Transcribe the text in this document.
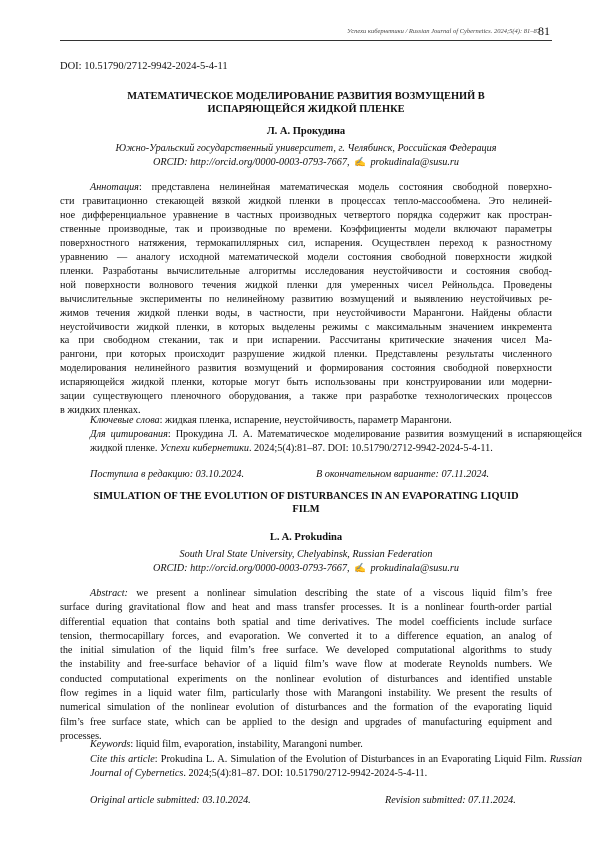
Успехи кибернетики / Russian Journal of Cybernetics. 2024;5(4): 81–87
81
DOI: 10.51790/2712-9942-2024-5-4-11
МАТЕМАТИЧЕСКОЕ МОДЕЛИРОВАНИЕ РАЗВИТИЯ ВОЗМУЩЕНИЙ В
ИСПАРЯЮЩЕЙСЯ ЖИДКОЙ ПЛЕНКЕ
Л. А. Прокудина
Южно-Уральский государственный университет, г. Челябинск, Российская Федерация
ORCID: http://orcid.org/0000-0003-0793-7667, ✍ prokudinala@susu.ru
Аннотация: представлена нелинейная математическая модель состояния свободной поверхно-
сти гравитационно стекающей вязкой жидкой пленки в процессах тепло-массообмена. Это нелиней-
ное дифференциальное уравнение в частных производных четвертого порядка содержит как простран-
ственные производные, так и производные по времени. Коэффициенты модели включают параметры
поверхностного натяжения, термокапиллярных сил, испарения. Осуществлен переход к разностному
уравнению — аналогу исходной математической модели состояния свободной поверхности жидкой
пленки. Разработаны вычислительные алгоритмы исследования неустойчивости и состояния свобод-
ной поверхности волнового течения жидкой пленки для умеренных чисел Рейнольдса. Проведены
вычислительные эксперименты по нелинейному развитию возмущений и выявлению неустойчивых ре-
жимов течения жидкой пленки воды, в частности, при неустойчивости Марангони. Найдены области
неустойчивости жидкой пленки, в которых выделены режимы с максимальным значением инкремента
ка при свободном стекании, так и при испарении. Рассчитаны критические значения чисел Ма-
рангони, при которых происходит разрушение жидкой пленки. Представлены результаты численного
моделирования нелинейного развития возмущений и формирования состояния свободной поверхности
испаряющейся жидкой пленки, которые могут быть использованы при конструировании или модерни-
зации существующего пленочного оборудования, а также при разработке технологических процессов
в жидких пленках.
Ключевые слова: жидкая пленка, испарение, неустойчивость, параметр Марангони.
Для цитирования: Прокудина Л. А. Математическое моделирование развития возмущений в испаряющейся жидкой пленке. Успехи кибернетики. 2024;5(4):81–87. DOI: 10.51790/2712-9942-2024-5-4-11.
Поступила в редакцию: 03.10.2024.	В окончательном варианте: 07.11.2024.
SIMULATION OF THE EVOLUTION OF DISTURBANCES IN AN EVAPORATING LIQUID
FILM
L. A. Prokudina
South Ural State University, Chelyabinsk, Russian Federation
ORCID: http://orcid.org/0000-0003-0793-7667, ✍ prokudinala@susu.ru
Abstract: we present a nonlinear simulation describing the state of a viscous liquid film’s free
surface during gravitational flow and heat and mass transfer processes. It is a nonlinear fourth-order partial
differential equation that contains both spatial and time derivatives. The model coefficients include surface
tension, thermocapillary forces, and evaporation. We converted it to a difference equation, an analog of
the initial simulation of the liquid film’s free surface. We developed computational algorithms to study
the instability and free-surface behavior of a liquid film’s wave flow at moderate Reynolds numbers. We
conducted computational experiments on the nonlinear evolution of disturbances and identified unstable
flow regimes in a liquid water film, particularly those with Marangoni instability. We present the results of
numerical simulation of the nonlinear evolution of disturbances and the formation of the evaporating liquid
film’s free surface state, which can be applied to the design and upgrades of manufacturing equipment and
processes.
Keywords: liquid film, evaporation, instability, Marangoni number.
Cite this article: Prokudina L. A. Simulation of the Evolution of Disturbances in an Evaporating Liquid Film. Russian Journal of Cybernetics. 2024;5(4):81–87. DOI: 10.51790/2712-9942-2024-5-4-11.
Original article submitted: 03.10.2024.	Revision submitted: 07.11.2024.
